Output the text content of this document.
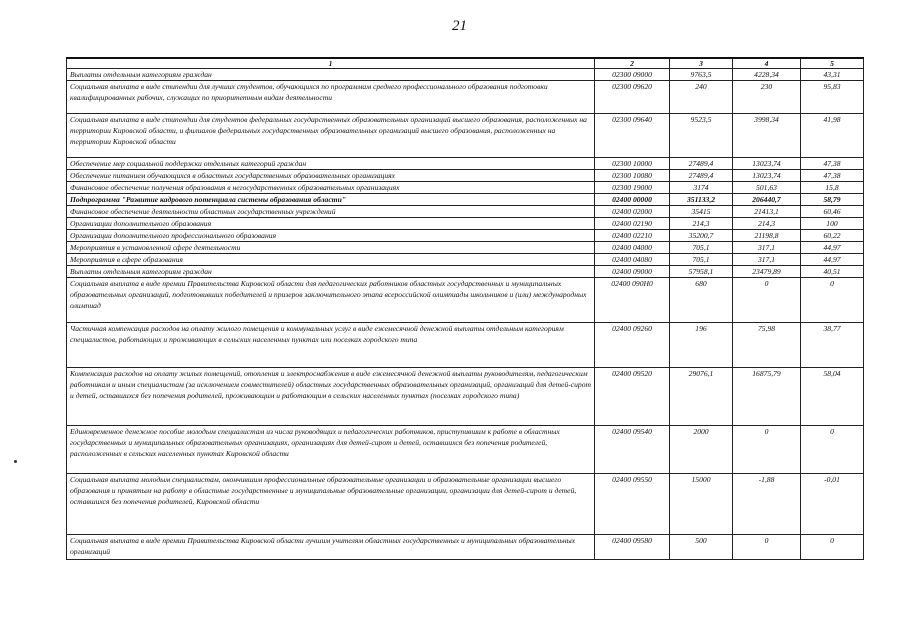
21
1	2	3	4	5
Выплаты отдельным категориям граждан	02300 09000	9763,5	4228,34	43,31
Социальная выплата в виде стипендии для лучших студентов, обучающихся по программам среднего профессионального образования подготовки квалифицированных рабочих, служащих по приоритетным видам деятельности	02300 09620	240	230	95,83
Социальная выплата в виде стипендии для студентов федеральных государственных образовательных организаций высшего образования, расположенных на территории Кировской области, и филиалов федеральных государственных образовательных организаций высшего образования, расположенных на территории Кировской области	02300 09640	9523,5	3998,34	41,98
Обеспечение мер социальной поддержки отдельных категорий граждан	02300 10000	27489,4	13023,74	47,38
Обеспечение питанием обучающихся в областных государственных образовательных организациях	02300 10080	27489,4	13023,74	47,38
Финансовое обеспечение получения образования в негосударственных образовательных организациях	02300 19000	3174	501,63	15,8
Подпрограмма "Развитие кадрового потенциала системы образования области"	02400 00000	351133,2	206440,7	58,79
Финансовое обеспечение деятельности областных государственных учреждений	02400 02000	35415	21413,1	60,46
Организации дополнительного образования	02400 02190	214,3	214,3	100
Организации дополнительного профессионального образования	02400 02210	35200,7	21198,8	60,22
Мероприятия в установленной сфере деятельности	02400 04000	705,1	317,1	44,97
Мероприятия в сфере образования	02400 04080	705,1	317,1	44,97
Выплаты отдельным категориям граждан	02400 09000	57958,1	23479,89	40,51
Социальная выплата в виде премии Правительства Кировской области для педагогических работников областных государственных и муниципальных образовательных организаций, подготовивших победителей и призеров заключительного этапа всероссийской олимпиады школьников и (или) международных олимпиад	02400 090Н0	680	0	0
Частичная компенсация расходов на оплату жилого помещения и коммунальных услуг в виде ежемесячной денежной выплаты отдельным категориям специалистов, работающих и проживающих в сельских населенных пунктах или поселках городского типа	02400 09260	196	75,98	38,77
Компенсация расходов на оплату жилых помещений, отопления и электроснабжения в виде ежемесячной денежной выплаты руководителям, педагогическим работникам и иным специалистам (за исключением совместителей) областных государственных образовательных организаций, организаций для детей-сирот и детей, оставшихся без попечения родителей, проживающим и работающим в сельских населенных пунктах (поселках городского типа)	02400 09520	29076,1	16875,79	58,04
Единовременное денежное пособие молодым специалистам из числа руководящих и педагогических работников, приступившим к работе в областных государственных и муниципальных образовательных организациях, организациях для детей-сирот и детей, оставшихся без попечения родителей, расположенных в сельских населенных пунктах Кировской области	02400 09540	2000	0	0
Социальная выплата молодым специалистам, окончившим профессиональные образовательные организации и образовательные организации высшего образования и принятым на работу в областные государственные и муниципальные образовательные организации, организации для детей-сирот и детей, оставшихся без попечения родителей, Кировской области	02400 09550	15000	-1,88	-0,01
Социальная выплата в виде премии Правительства Кировской области лучшим учителям областных государственных и муниципальных образовательных организаций	02400 09580	500	0	0
